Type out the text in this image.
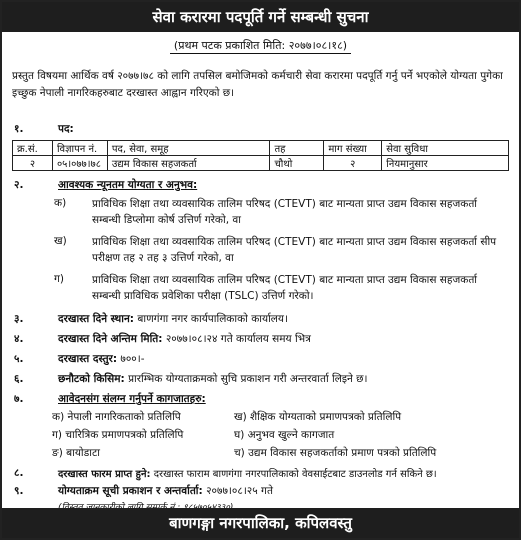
सेवा करारमा पदपूर्ति गर्ने सम्बन्धी सुचना
(प्रथम पटक प्रकाशित मिति: २०७७।०८।१८)
प्रस्तुत विषयमा आर्थिक वर्ष २०७७।७८ को लागि तपसिल बमोजिमको कर्मचारी सेवा करारमा पदपूर्ति गर्नु पर्ने भएकोले योग्यता पुगेका इच्छुक नेपाली नागरिकहरुबाट दरखास्त आह्वान गरिएको छ।
१.	पद:
क्र.सं.	विज्ञापन नं.	पद, सेवा, समूह	तह	माग संख्या	सेवा सुविधा
२	०५।०७७।७८	उद्यम विकास सहजकर्ता	चौथो	२	नियमानुसार
२.	आवश्यक न्यूनतम योग्यता र अनुभव:
क) प्राविधिक शिक्षा तथा व्यवसायिक तालिम परिषद (CTEVT) बाट मान्यता प्राप्त उद्यम विकास सहजकर्ता सम्बन्धी डिप्लोमा कोर्ष उत्तिर्ण गरेको, वा
ख) प्राविधिक शिक्षा तथा व्यवसायिक तालिम परिषद (CTEVT) बाट मान्यता प्राप्त उद्यम विकास सहजकर्ता सीप परीक्षण तह २ तह ३ उत्तिर्ण गरेको, वा
ग)	प्राविधिक शिक्षा तथा व्यवसायिक तालिम परिषद (CTEVT) बाट मान्यता प्राप्त उद्यम विकास सहजकर्ता सम्बन्धी प्राविधिक प्रवेशिका परीक्षा (TSLC) उत्तिर्ण गरेको।
३.	दरखास्त दिने स्थान: बाणगंगा नगर कार्यपालिकाको कार्यालय।
४.	दरखास्त दिने अन्तिम मिति: २०७७।०८।२४ गते कार्यालय समय भित्र
५.	दरखास्त दस्तुर: ७००।-
६.	छनौटको किसिम: प्रारम्भिक योग्यताक्रमको सुचि प्रकाशन गरी अन्तरवार्ता लिइने छ।
७.	आवेदनसंग संलग्न गर्नुपर्ने कागजातहरु:
क) नेपाली नागरिकताको प्रतिलिपि	ख) शैक्षिक योग्यताको प्रमाणपत्रको प्रतिलिपि
ग) चारित्रिक प्रमाणपत्रको प्रतिलिपि	घ) अनुभव खुल्ने कागजात
ङ) बायोडाटा	च) उद्यम विकास सहजकर्ताको प्रमाण पत्रको प्रतिलिपि
८.	दरखास्त फारम प्राप्त हुने: दरखास्त फाराम बाणगंगा नगरपालिकाको वेवसाईटबाट डाउनलोड गर्न सकिने छ।
९.	योग्यताक्रम सूची प्रकाशन र अन्तर्वार्ता: २०७७।०८।२५ गते
बाणगङ्गा नगरपालिका, कपिलवस्तु
